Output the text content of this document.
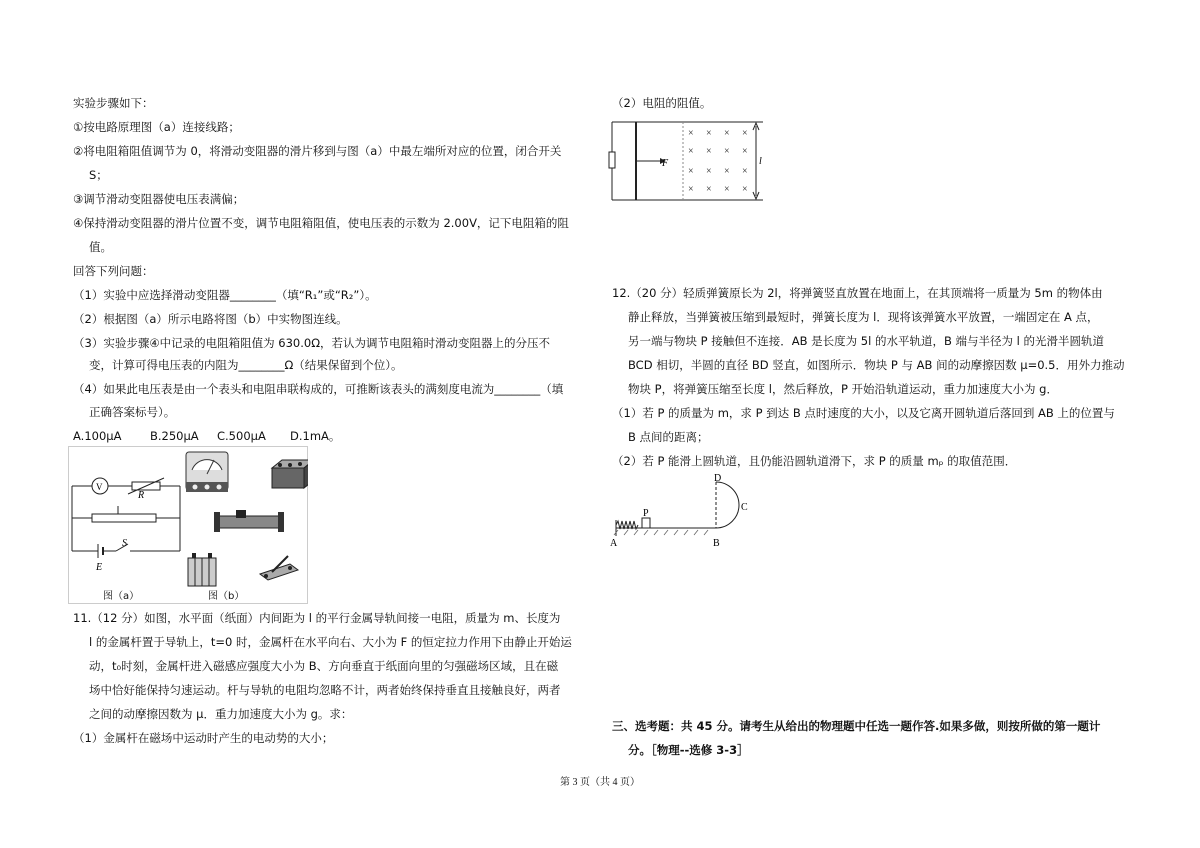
实验步骤如下：
①按电路原理图（a）连接线路；
②将电阻箱阻值调节为 0，将滑动变阻器的滑片移到与图（a）中最左端所对应的位置，闭合开关
S；
③调节滑动变阻器使电压表满偏；
④保持滑动变阻器的滑片位置不变，调节电阻箱阻值，使电压表的示数为 2.00V，记下电阻箱的阻
值。
回答下列问题：
（1）实验中应选择滑动变阻器________（填“R₁”或“R₂”）。
（2）根据图（a）所示电路将图（b）中实物图连线。
（3）实验步骤④中记录的电阻箱阻值为 630.0Ω，若认为调节电阻箱时滑动变阻器上的分压不
变，计算可得电压表的内阻为________Ω（结果保留到个位）。
（4）如果此电压表是由一个表头和电阻串联构成的，可推断该表头的满刻度电流为________（填
正确答案标号）。
A.100μA B.250μA C.500μA D.1mA。
V
R
E
S
图（a）	图（b）
11.（12 分）如图，水平面（纸面）内间距为 l 的平行金属导轨间接一电阻，质量为 m、长度为
l 的金属杆置于导轨上，t=0 时，金属杆在水平向右、大小为 F 的恒定拉力作用下由静止开始运
动，t₀时刻，金属杆进入磁感应强度大小为 B、方向垂直于纸面向里的匀强磁场区域，且在磁
场中恰好能保持匀速运动。杆与导轨的电阻均忽略不计，两者始终保持垂直且接触良好，两者
之间的动摩擦因数为 μ．重力加速度大小为 g。求：
（1）金属杆在磁场中运动时产生的电动势的大小；
（2）电阻的阻值。
F	l
× × × ×
× × × ×
× × × ×
× × × ×
12.（20 分）轻质弹簧原长为 2l，将弹簧竖直放置在地面上，在其顶端将一质量为 5m 的物体由
静止释放，当弹簧被压缩到最短时，弹簧长度为 l．现将该弹簧水平放置，一端固定在 A 点，
另一端与物块 P 接触但不连接．AB 是长度为 5l 的水平轨道，B 端与半径为 l 的光滑半圆轨道
BCD 相切，半圆的直径 BD 竖直，如图所示．物块 P 与 AB 间的动摩擦因数 μ=0.5．用外力推动
物块 P，将弹簧压缩至长度 l，然后释放，P 开始沿轨道运动，重力加速度大小为 g．
（1）若 P 的质量为 m，求 P 到达 B 点时速度的大小，以及它离开圆轨道后落回到 AB 上的位置与
B 点间的距离；
（2）若 P 能滑上圆轨道，且仍能沿圆轨道滑下，求 P 的质量 mₚ 的取值范围．
A	B
C
D
P
三、选考题：共 45 分。请考生从给出的物理题中任选一题作答.如果多做，则按所做的第一题计
分。［物理--选修 3-3］
第 3 页（共 4 页）
